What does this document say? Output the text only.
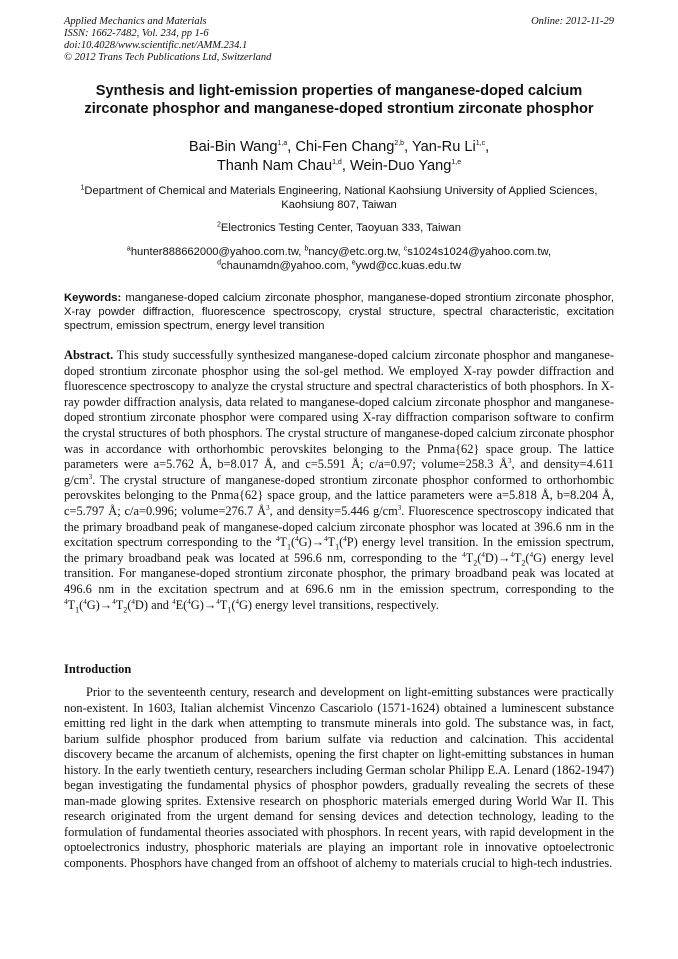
Applied Mechanics and Materials
ISSN: 1662-7482, Vol. 234, pp 1-6
doi:10.4028/www.scientific.net/AMM.234.1
© 2012 Trans Tech Publications Ltd, Switzerland
Online: 2012-11-29
Synthesis and light-emission properties of manganese-doped calcium zirconate phosphor and manganese-doped strontium zirconate phosphor
Bai-Bin Wang$^{1,a}$, Chi-Fen Chang$^{2,b}$, Yan-Ru Li$^{1,c}$,
Thanh Nam Chau$^{1,d}$, Wein-Duo Yang$^{1,e}$
$^1$Department of Chemical and Materials Engineering, National Kaohsiung University of Applied Sciences, Kaohsiung 807, Taiwan
$^2$Electronics Testing Center, Taoyuan 333, Taiwan
$^a$hunter888662000@yahoo.com.tw, $^b$nancy@etc.org.tw, $^c$s1024s1024@yahoo.com.tw,
$^d$chaunamdn@yahoo.com, $^e$ywd@cc.kuas.edu.tw
Keywords: manganese-doped calcium zirconate phosphor, manganese-doped strontium zirconate phosphor, X-ray powder diffraction, fluorescence spectroscopy, crystal structure, spectral characteristic, excitation spectrum, emission spectrum, energy level transition
Abstract. This study successfully synthesized manganese-doped calcium zirconate phosphor and manganese-doped strontium zirconate phosphor using the sol-gel method. We employed X-ray powder diffraction and fluorescence spectroscopy to analyze the crystal structure and spectral characteristics of both phosphors. In X-ray powder diffraction analysis, data related to manganese-doped calcium zirconate phosphor and manganese-doped strontium zirconate phosphor were compared using X-ray diffraction comparison software to confirm the crystal structures of both phosphors. The crystal structure of manganese-doped calcium zirconate phosphor was in accordance with orthorhombic perovskites belonging to the Pnma{62} space group. The lattice parameters were a=5.762 Å, b=8.017 Å, and c=5.591 Å; c/a=0.97; volume=258.3 $Å^3$, and density=4.611 $g/cm^3$. The crystal structure of manganese-doped strontium zirconate phosphor conformed to orthorhombic perovskites belonging to the Pnma{62} space group, and the lattice parameters were a=5.818 Å, b=8.204 Å, c=5.797 Å; c/a=0.996; volume=276.7 $Å^3$, and density=5.446 $g/cm^3$. Fluorescence spectroscopy indicated that the primary broadband peak of manganese-doped calcium zirconate phosphor was located at 396.6 nm in the excitation spectrum corresponding to the $^4T_1(^4G)\to^4T_1(^4P)$ energy level transition. In the emission spectrum, the primary broadband peak was located at 596.6 nm, corresponding to the $^4T_2(^4D)\to^4T_2(^4G)$ energy level transition. For manganese-doped strontium zirconate phosphor, the primary broadband peak was located at 496.6 nm in the excitation spectrum and at 696.6 nm in the emission spectrum, corresponding to the $^4T_1(^4G)\to^4T_2(^4D)$ and $^4E(^4G)\to^4T_1(^4G)$ energy level transitions, respectively.
Introduction
Prior to the seventeenth century, research and development on light-emitting substances were practically non-existent. In 1603, Italian alchemist Vincenzo Cascariolo (1571-1624) obtained a luminescent substance emitting red light in the dark when attempting to transmute minerals into gold. The substance was, in fact, barium sulfide phosphor produced from barium sulfate via reduction and calcination. This accidental discovery became the arcanum of alchemists, opening the first chapter on light-emitting substances in human history. In the early twentieth century, researchers including German scholar Philipp E.A. Lenard (1862-1947) began investigating the fundamental physics of phosphor powders, gradually revealing the secrets of these man-made glowing sprites. Extensive research on phosphoric materials emerged during World War II. This research originated from the urgent demand for sensing devices and detection technology, leading to the formulation of fundamental theories associated with phosphors. In recent years, with rapid development in the optoelectronics industry, phosphoric materials are playing an important role in innovative optoelectronic components. Phosphors have changed from an offshoot of alchemy to materials crucial to high-tech industries.
